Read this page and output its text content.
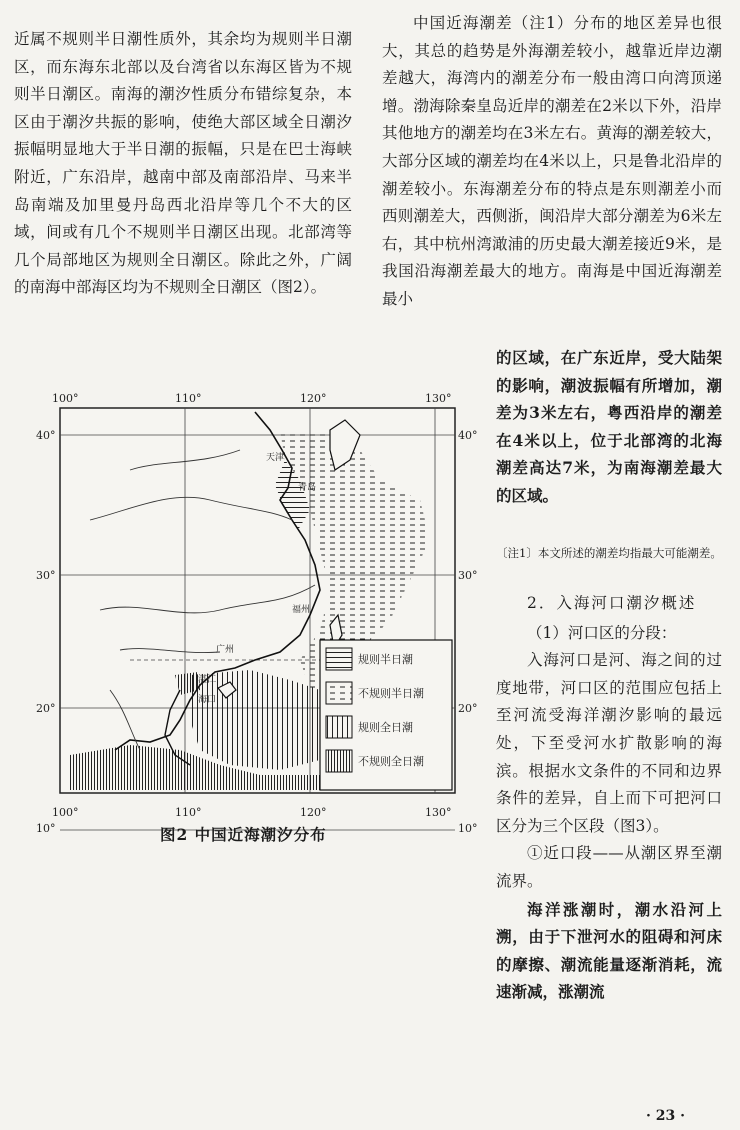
近属不规则半日潮性质外，其余均为规则半日潮区，而东海东北部以及台湾省以东海区皆为不规则半日潮区。南海的潮汐性质分布错综复杂，本区由于潮汐共振的影响，使绝大部区域全日潮汐振幅明显地大于半日潮的振幅，只是在巴士海峡附近，广东沿岸，越南中部及南部沿岸、马来半岛南端及加里曼丹岛西北沿岸等几个不大的区域，间或有几个不规则半日潮区出现。北部湾等几个局部地区为规则全日潮区。除此之外，广阔的南海中部海区均为不规则全日潮区（图2）。

中国近海潮差（注1）分布的地区差异也很大，其总的趋势是外海潮差较小，越靠近岸边潮差越大，海湾内的潮差分布一般由湾口向湾顶递增。渤海除秦皇岛近岸的潮差在2米以下外，沿岸其他地方的潮差均在3米左右。黄海的潮差较大，大部分区域的潮差均在4米以上，只是鲁北沿岸的潮差较小。东海潮差分布的特点是东则潮差小而西则潮差大，西侧浙，闽沿岸大部分潮差为6米左右，其中杭州湾澉浦的历史最大潮差接近9米，是我国沿海潮差最大的地方。南海是中国近海潮差最小

的区域，在广东近岸，受大陆架的影响，潮波振幅有所增加，潮差为3米左右，粤西沿岸的潮差在4米以上，位于北部湾的北海潮差高达7米，为南海潮差最大的区域。

〔注1〕本文所述的潮差均指最大可能潮差。

2．入海河口潮汐概述

（1）河口区的分段：

入海河口是河、海之间的过度地带，河口区的范围应包括上至河流受海洋潮汐影响的最远处，下至受河水扩散影响的海滨。根据水文条件的不同和边界条件的差异，自上而下可把河口区分为三个区段（图3）。

①近口段——从潮区界至潮流界。

海洋涨潮时，潮水沿河上溯，由于下泄河水的阻碍和河床的摩擦、潮流能量逐渐消耗，流速渐减，涨潮流

天津
青岛
福州
广州
湛江
海口
100°	110°	120°	130°
100°	110°	120°	130°
40°
30°
20°
10°
40°
30°
20°
10°
规则半日潮
不规则半日潮
规则全日潮
不规则全日潮
图2 中国近海潮汐分布
· 23 ·
